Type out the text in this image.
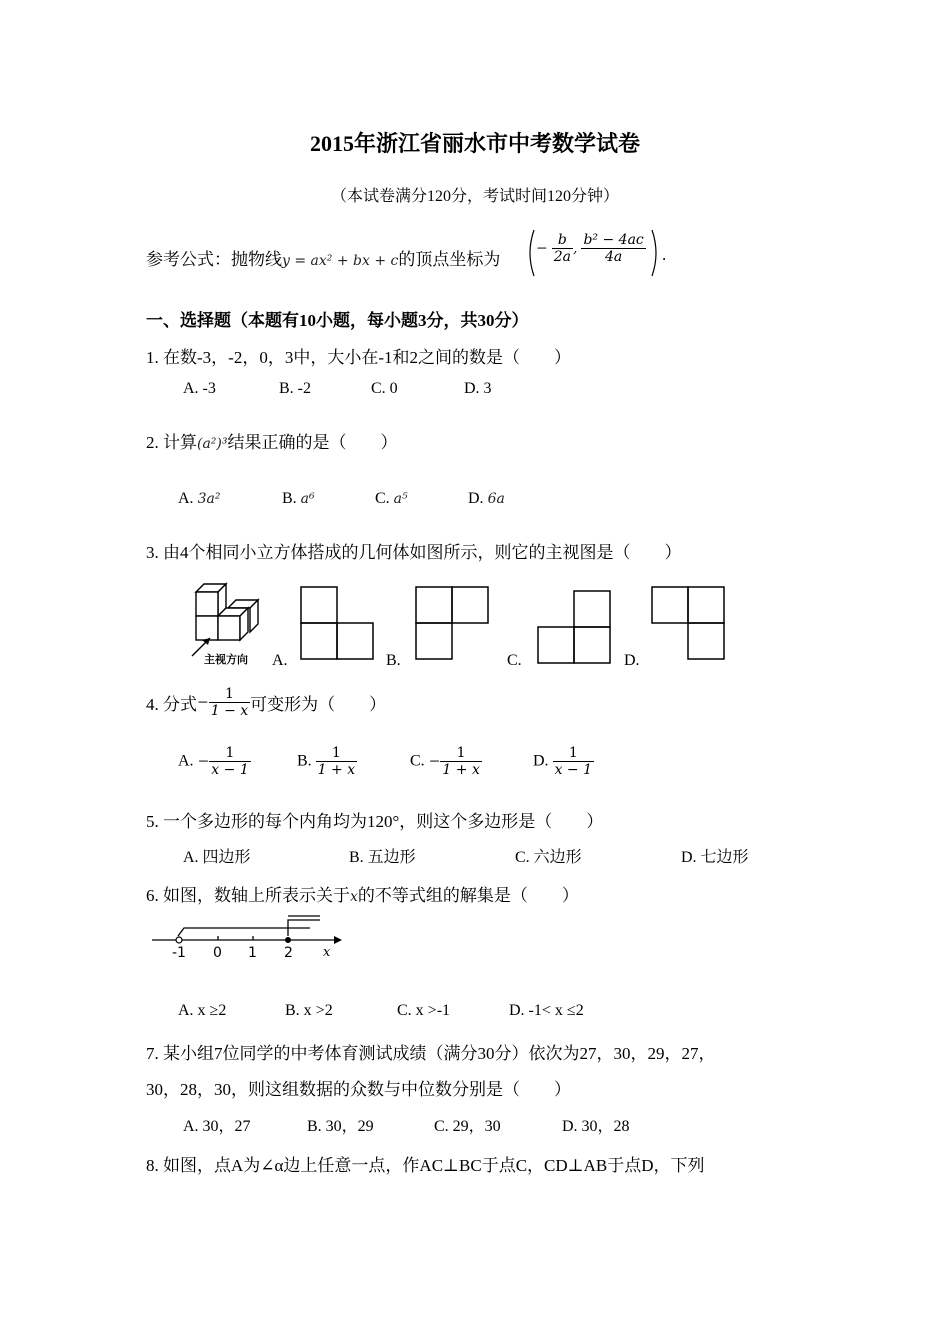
2015年浙江省丽水市中考数学试卷
（本试卷满分120分，考试时间120分钟）
参考公式：抛物线y = ax² + bx + c的顶点坐标为
− $\frac{b}{2a}$ , $\frac{\text{b² − 4ac}}{4a}$ .
一、选择题（本题有10小题，每小题3分，共30分）
1. 在数-3，-2，0，3中，大小在-1和2之间的数是（　　）
A. -3	B. -2	C. 0	D. 3
2. 计算(a²)³结果正确的是（　　）
A. 3a²	B. a⁶	C. a⁵	D. 6a
3. 由4个相同小立方体搭成的几何体如图所示，则它的主视图是（　　）
主视方向 A.	B.	C.	D.
4. 分式− $\frac{1}{1 - x}$ 可变形为（　　）
A. − $\frac{1}{x - 1}$	B. $\frac{1}{1 + x}$	C. − $\frac{1}{1 + x}$	D. $\frac{1}{x - 1}$
5. 一个多边形的每个内角均为120°，则这个多边形是（　　）
A. 四边形	B. 五边形	C. 六边形	D. 七边形
6. 如图，数轴上所表示关于x的不等式组的解集是（　　）
-1 0 1 2 x
A. x ≥2	B. x >2	C. x >-1	D. -1< x ≤2
7. 某小组7位同学的中考体育测试成绩（满分30分）依次为27，30，29，27，
30，28，30，则这组数据的众数与中位数分别是（　　）
A. 30，27	B. 30，29	C. 29，30	D. 30，28
8. 如图，点A为∠α边上任意一点，作AC⊥BC于点C，CD⊥AB于点D，下列
